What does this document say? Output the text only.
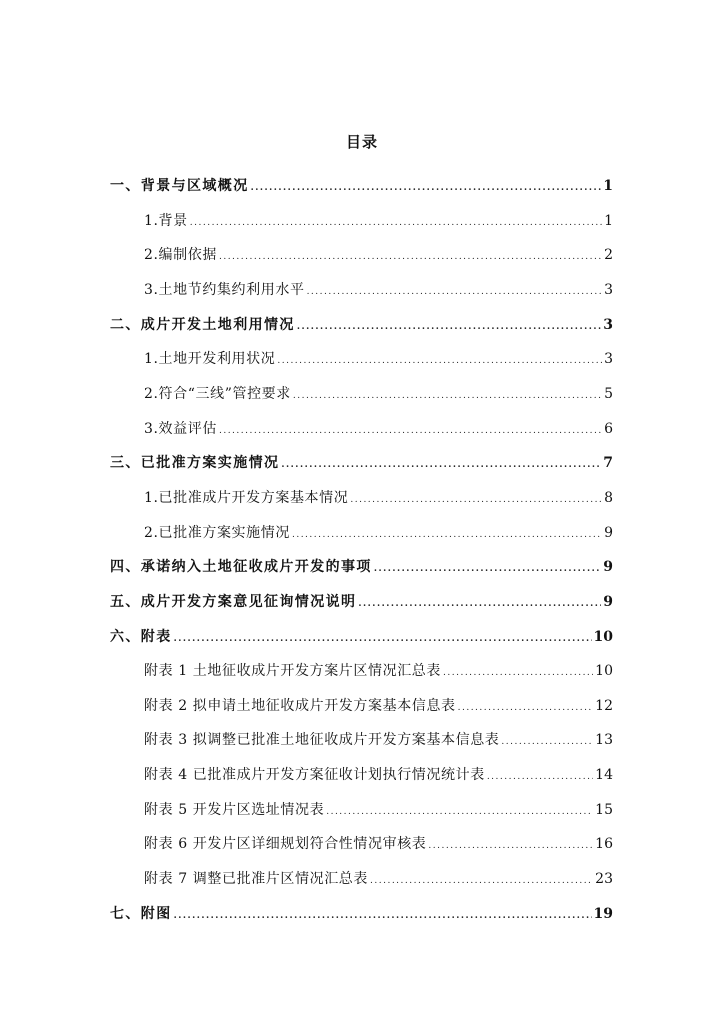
目录
一、背景与区域概况 .....	1
1.背景 .....	1
2.编制依据 .....	2
3.土地节约集约利用水平 .....	3
二、成片开发土地利用情况 .....	3
1.土地开发利用状况 .....	3
2.符合“三线”管控要求 .....	5
3.效益评估 .....	6
三、已批准方案实施情况 .....	7
1.已批准成片开发方案基本情况 .....	8
2.已批准方案实施情况 .....	9
四、承诺纳入土地征收成片开发的事项 .....	9
五、成片开发方案意见征询情况说明 .....	9
六、附表 .....	10
附表 1 土地征收成片开发方案片区情况汇总表 .....	10
附表 2 拟申请土地征收成片开发方案基本信息表 .....	12
附表 3 拟调整已批准土地征收成片开发方案基本信息表 .....	13
附表 4 已批准成片开发方案征收计划执行情况统计表 .....	14
附表 5 开发片区选址情况表 .....	15
附表 6 开发片区详细规划符合性情况审核表 .....	16
附表 7 调整已批准片区情况汇总表 .....	23
七、附图 .....	19
